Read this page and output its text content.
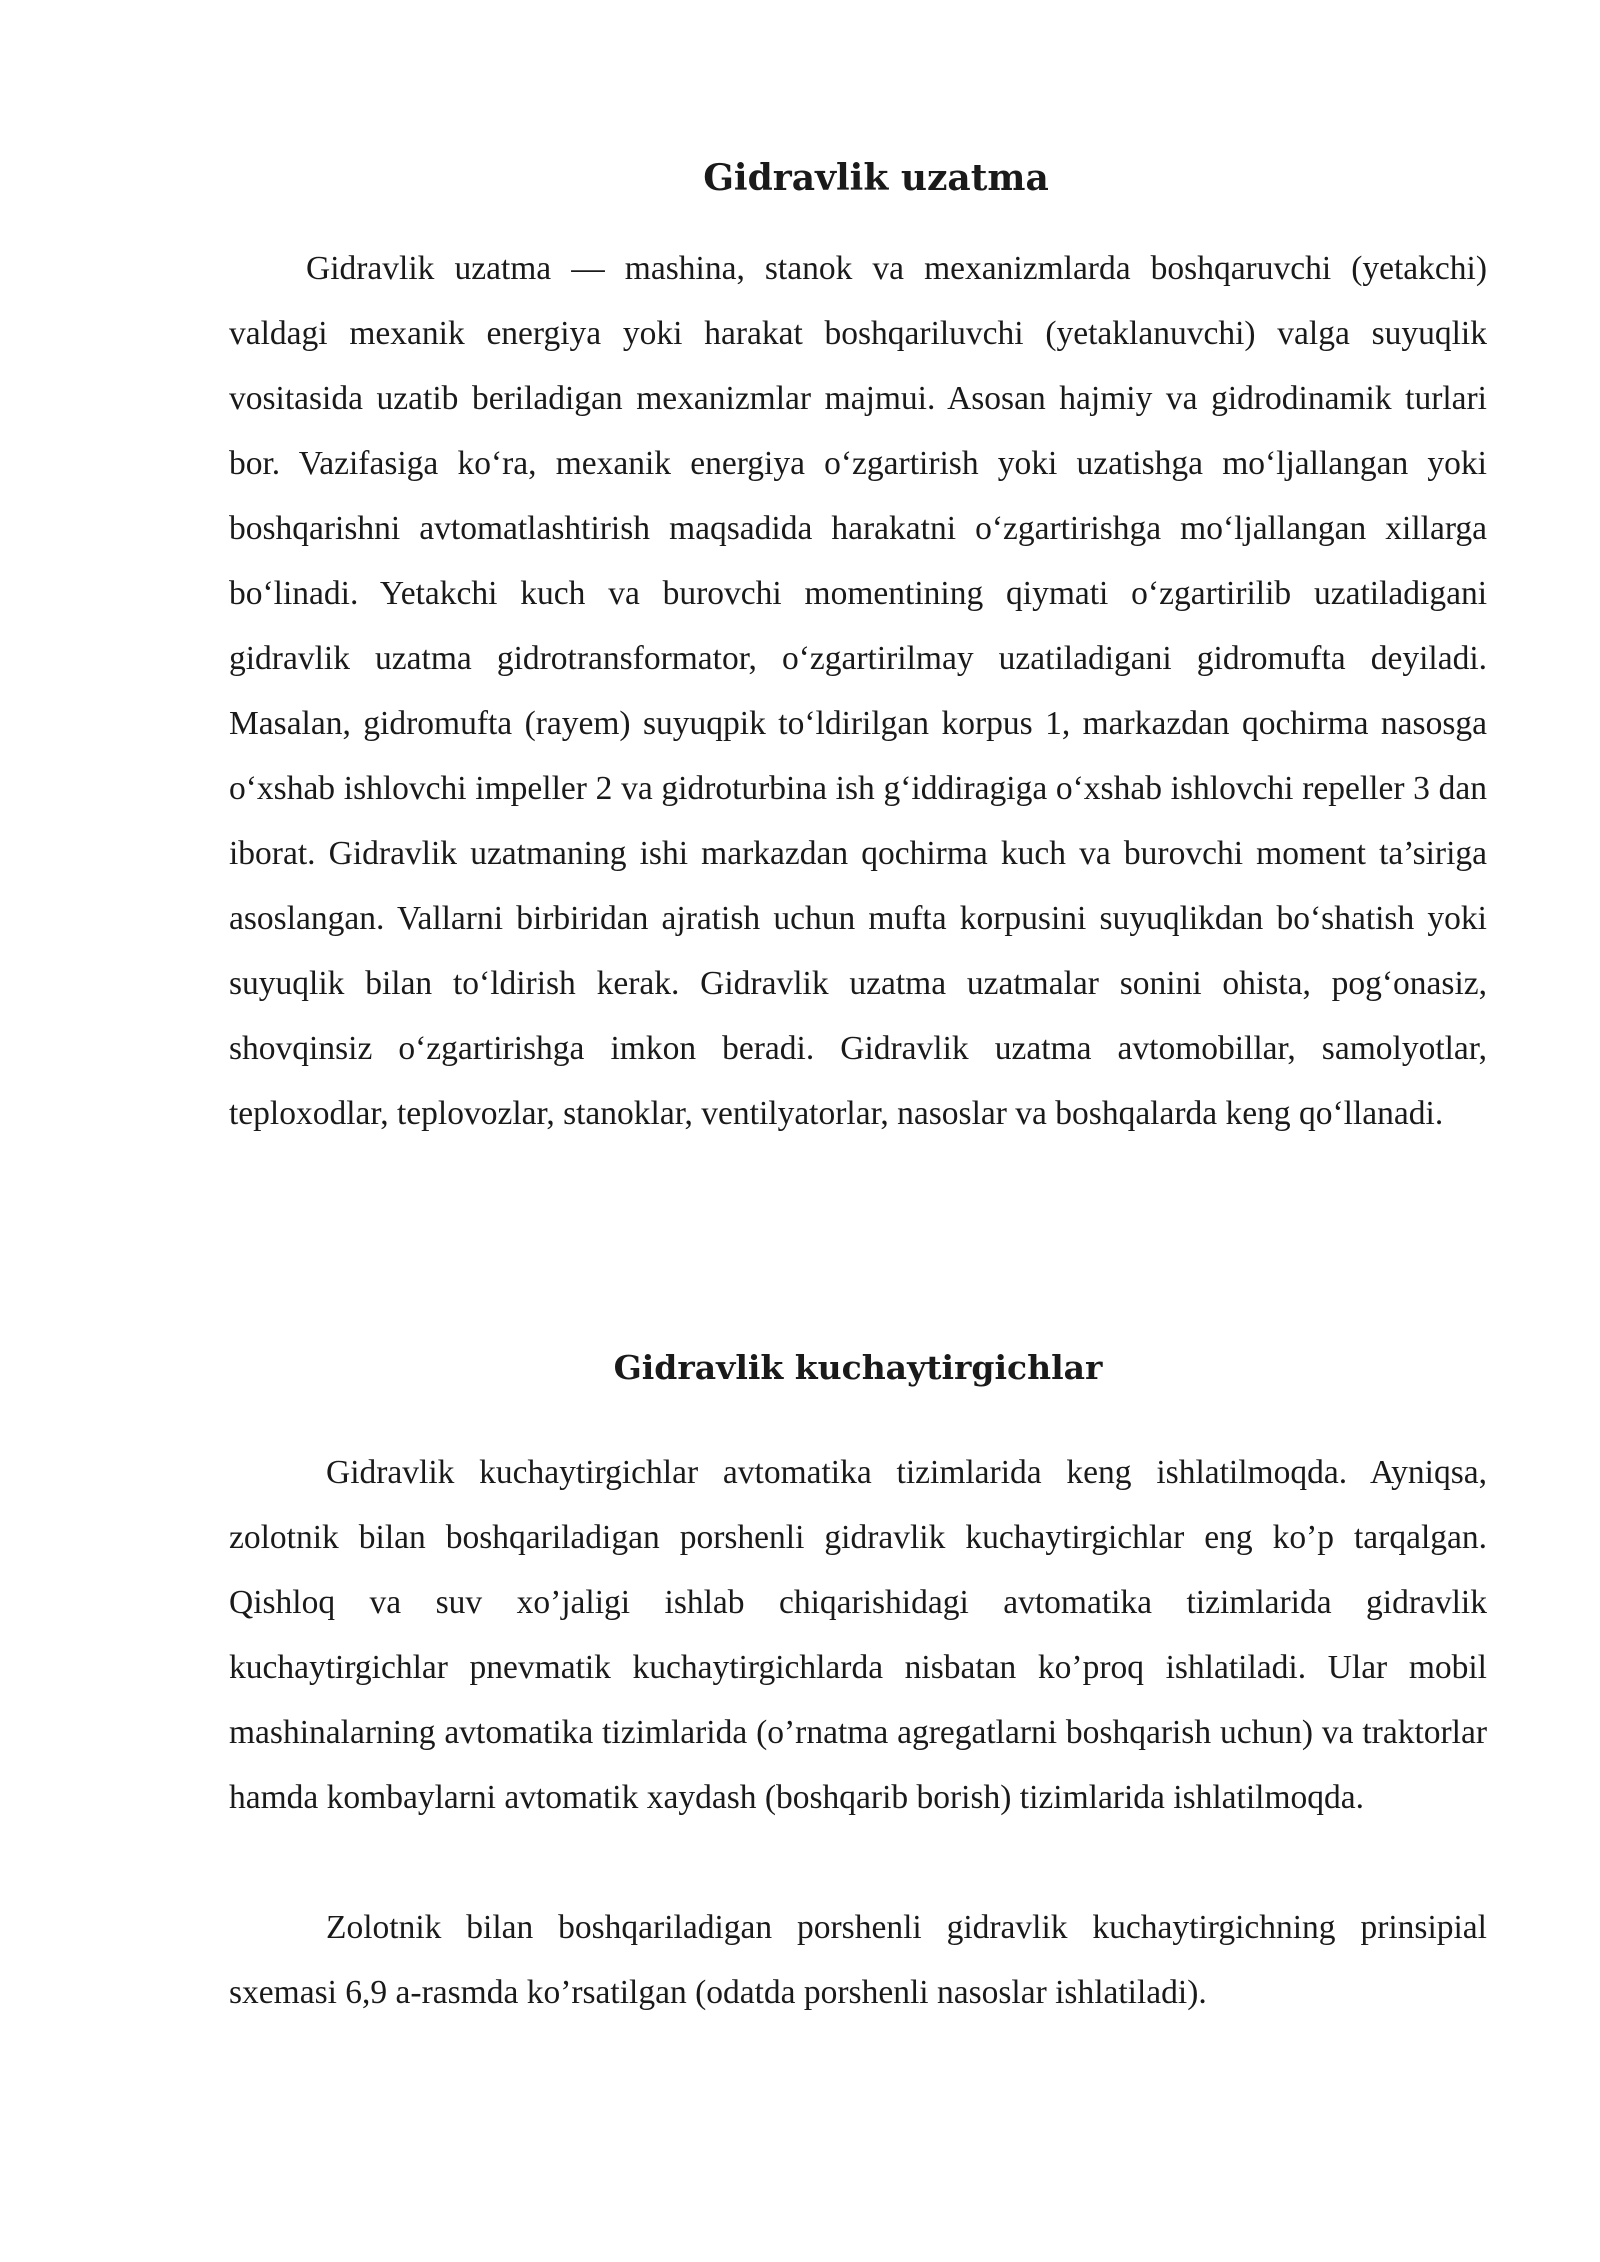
Gidravlik uzatma

Gidravlik uzatma — mashina, stanok va mexanizmlarda boshqaruvchi (yetakchi) valdagi mexanik energiya yoki harakat boshqariluvchi (yetaklanuvchi) valga suyuqlik vositasida uzatib beriladigan mexanizmlar majmui. Asosan hajmiy va gidrodinamik turlari bor. Vazifasiga koʻra, mexanik energiya oʻzgartirish yoki uzatishga moʻljallangan yoki boshqarishni avtomatlashtirish maqsadida harakatni oʻzgartirishga moʻljallangan xillarga boʻlinadi. Yetakchi kuch va burovchi momentining qiymati oʻzgartirilib uzatiladigani gidravlik uzatma gidrotransformator, oʻzgartirilmay uzatiladigani gidromufta deyiladi. Masalan, gidromufta (rayem) suyuqpik toʻldirilgan korpus 1, markazdan qochirma nasosga oʻxshab ishlovchi impeller 2 va gidroturbina ish gʻiddiragiga oʻxshab ishlovchi repeller 3 dan iborat. Gidravlik uzatmaning ishi markazdan qochirma kuch va burovchi moment ta’siriga asoslangan. Vallarni birbiridan ajratish uchun mufta korpusini suyuqlikdan boʻshatish yoki suyuqlik bilan toʻldirish kerak. Gidravlik uzatma uzatmalar sonini ohista, pogʻonasiz, shovqinsiz oʻzgartirishga imkon beradi. Gidravlik uzatma avtomobillar, samolyotlar, teploxodlar, teplovozlar, stanoklar, ventilyatorlar, nasoslar va boshqalarda keng qoʻllanadi.

Gidravlik kuchaytirgichlar

Gidravlik kuchaytirgichlar avtomatika tizimlarida keng ishlatilmoqda. Ayniqsa, zolotnik bilan boshqariladigan porshenli gidravlik kuchaytirgichlar eng ko’p tarqalgan. Qishloq va suv xo’jaligi ishlab chiqarishidagi avtomatika tizimlarida gidravlik kuchaytirgichlar pnevmatik kuchaytirgichlarda nisbatan ko’proq ishlatiladi. Ular mobil mashinalarning avtomatika tizimlarida (o’rnatma agregatlarni boshqarish uchun) va traktorlar hamda kombaylarni avtomatik xaydash (boshqarib borish) tizimlarida ishlatilmoqda.

Zolotnik bilan boshqariladigan porshenli gidravlik kuchaytirgichning prinsipial sxemasi 6,9 a-rasmda ko’rsatilgan (odatda porshenli nasoslar ishlatiladi).
